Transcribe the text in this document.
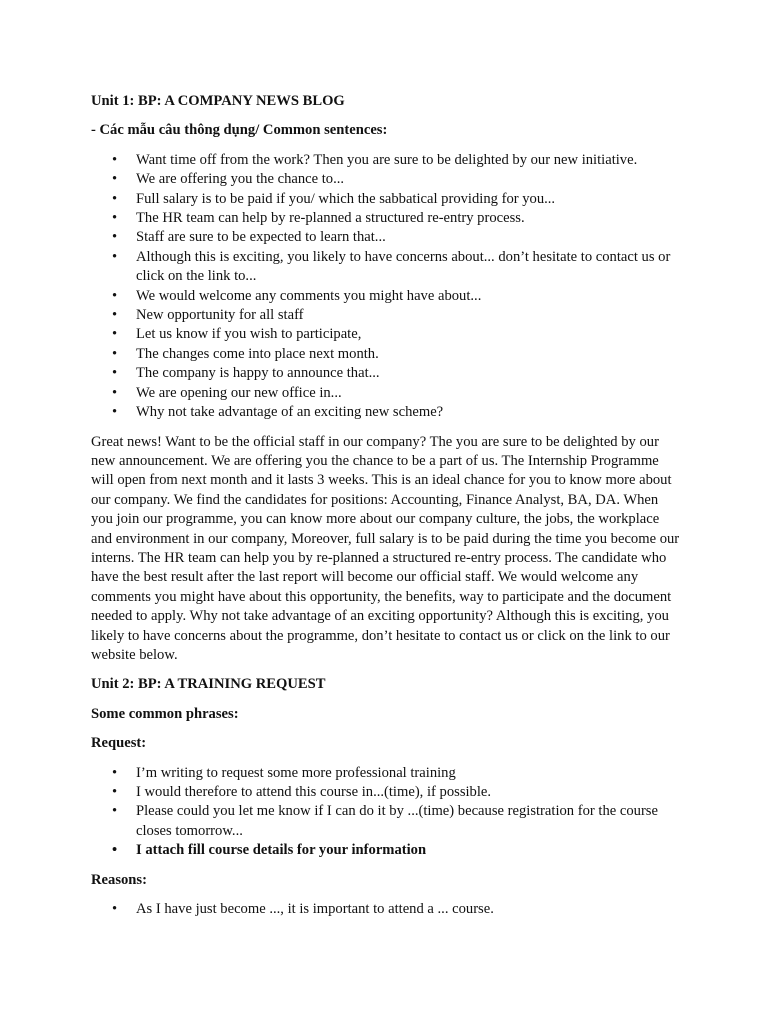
Unit 1: BP: A COMPANY NEWS BLOG
- Các mẫu câu thông dụng/ Common sentences:
• Want time off from the work? Then you are sure to be delighted by our new initiative.
• We are offering you the chance to...
• Full salary is to be paid if you/ which the sabbatical providing for you...
• The HR team can help by re-planned a structured re-entry process.
• Staff are sure to be expected to learn that...
• Although this is exciting, you likely to have concerns about... don’t hesitate to contact us or click on the link to...
• We would welcome any comments you might have about...
• New opportunity for all staff
• Let us know if you wish to participate,
• The changes come into place next month.
• The company is happy to announce that...
• We are opening our new office in...
• Why not take advantage of an exciting new scheme?

Great news! Want to be the official staff in our company? The you are sure to be delighted by our new announcement. We are offering you the chance to be a part of us. The Internship Programme will open from next month and it lasts 3 weeks. This is an ideal chance for you to know more about our company. We find the candidates for positions: Accounting, Finance Analyst, BA, DA. When you join our programme, you can know more about our company culture, the jobs, the workplace and environment in our company, Moreover, full salary is to be paid during the time you become our interns. The HR team can help you by re-planned a structured re-entry process. The candidate who have the best result after the last report will become our official staff. We would welcome any comments you might have about this opportunity, the benefits, way to participate and the document needed to apply. Why not take advantage of an exciting opportunity? Although this is exciting, you likely to have concerns about the programme, don’t hesitate to contact us or click on the link to our website below.

Unit 2: BP: A TRAINING REQUEST
Some common phrases:
Request:
• I’m writing to request some more professional training
• I would therefore to attend this course in...(time), if possible.
• Please could you let me know if I can do it by ...(time) because registration for the course closes tomorrow...
• I attach fill course details for your information
Reasons:
• As I have just become ..., it is important to attend a ... course.
